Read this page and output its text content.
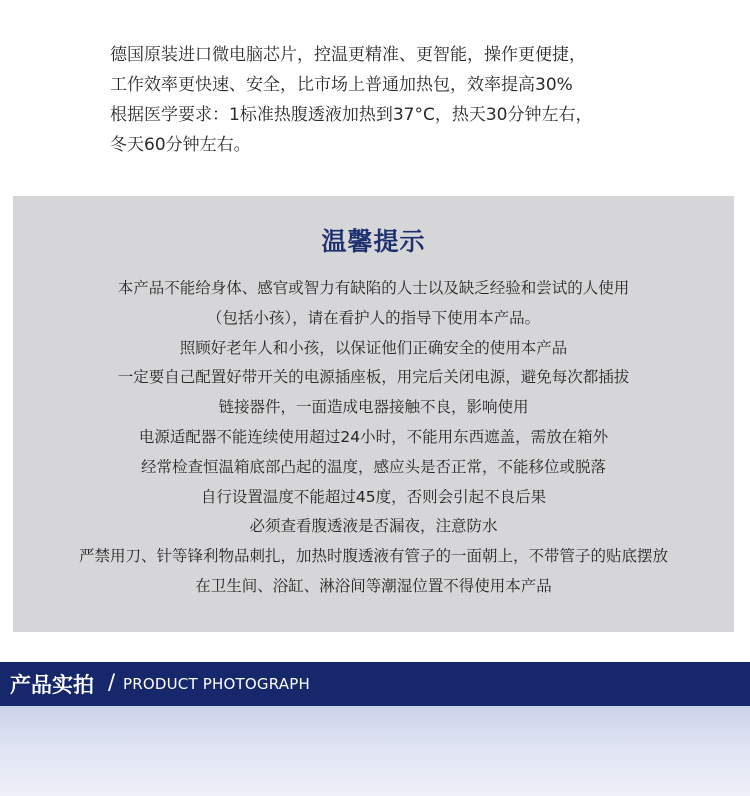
德国原装进口微电脑芯片，控温更精准、更智能，操作更便捷，

工作效率更快速、安全，比市场上普通加热包，效率提高30%

根据医学要求：1标准热腹透液加热到37°C，热天30分钟左右，

冬天60分钟左右。

温馨提示
本产品不能给身体、感官或智力有缺陷的人士以及缺乏经验和尝试的人使用
（包括小孩），请在看护人的指导下使用本产品。
照顾好老年人和小孩，以保证他们正确安全的使用本产品
一定要自己配置好带开关的电源插座板，用完后关闭电源，避免每次都插拔
链接器件，一面造成电器接触不良，影响使用
电源适配器不能连续使用超过24小时，不能用东西遮盖，需放在箱外
经常检查恒温箱底部凸起的温度，感应头是否正常，不能移位或脱落
自行设置温度不能超过45度，否则会引起不良后果
必须查看腹透液是否漏夜，注意防水
严禁用刀、针等锋利物品刺扎，加热时腹透液有管子的一面朝上，不带管子的贴底摆放
在卫生间、浴缸、淋浴间等潮湿位置不得使用本产品
产品实拍 / PRODUCT PHOTOGRAPH
